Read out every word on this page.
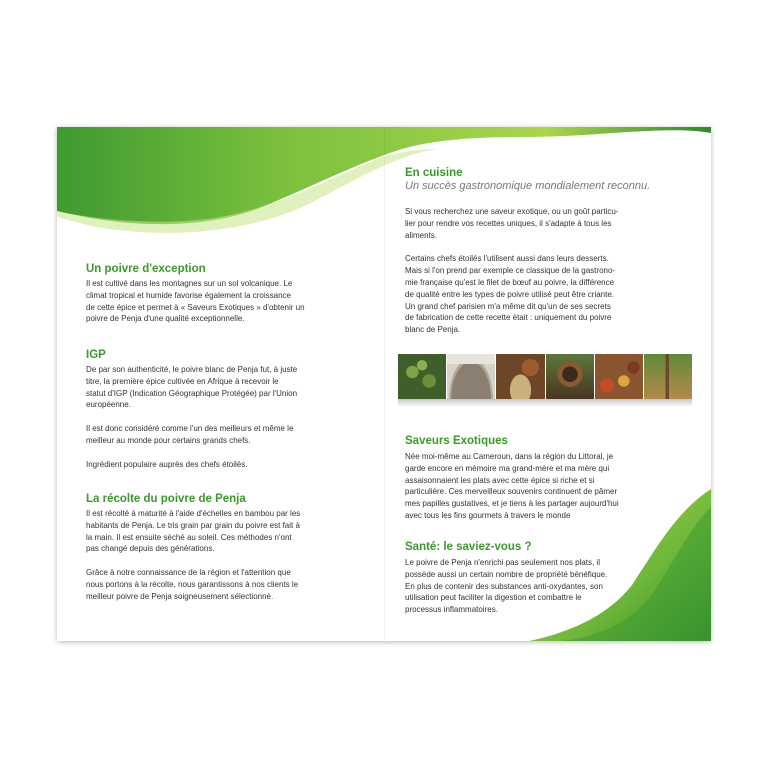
Un poivre d'exception

Il est cultivé dans les montagnes sur un sol volcanique. Le
climat tropical et humide favorise également la croissance
de cette épice et permet à « Saveurs Exotiques » d'obtenir un
poivre de Penja d'une qualité exceptionnelle.

IGP

De par son authenticité, le poivre blanc de Penja fut, à juste
titre, la première épice cultivée en Afrique à recevoir le
statut d'IGP (Indication Géographique Protégée) par l'Union
européenne.

Il est donc considéré comme l'un des meilleurs et même le
meilleur au monde pour certains grands chefs.

Ingrédient populaire auprès des chefs étoilés.

La récolte du poivre de Penja

Il est récolté à maturité à l'aide d'échelles en bambou par les
habitants de Penja. Le tris grain par grain du poivre est fait à
la main. Il est ensuite séché au soleil. Ces méthodes n'ont
pas changé depuis des générations.

Grâce à notre connaissance de la région et l'attention que
nous portons à la récolte, nous garantissons à nos clients le
meilleur poivre de Penja soigneusement sélectionné.

En cuisine
Un succès gastronomique mondialement reconnu.

Si vous recherchez une saveur exotique, ou un goût particu-
lier pour rendre vos recettes uniques, il s'adapte à tous les
aliments.

Certains chefs étoilés l'utilisent aussi dans leurs desserts.
Mais si l'on prend par exemple ce classique de la gastrono-
mie française qu'est le filet de bœuf au poivre, la différence
de qualité entre les types de poivre utilisé peut être criante.
Un grand chef parisien m'a même dit qu'un de ses secrets
de fabrication de cette recette était : uniquement du poivre
blanc de Penja.

Saveurs Exotiques

Née moi-même au Cameroun, dans la région du Littoral, je
garde encore en mémoire ma grand-mère et ma mère qui
assaisonnaient les plats avec cette épice si riche et si
particulière. Ces merveilleux souvenirs continuent de pâmer
mes papilles gustatives, et je tiens à les partager aujourd'hui
avec tous les fins gourmets à travers le monde

Santé: le saviez-vous ?

Le poivre de Penja n'enrichi pas seulement nos plats, il
possède aussi un certain nombre de propriété bénéfique.
En plus de contenir des substances anti-oxydantes, son
utilisation peut faciliter la digestion et combattre le
processus inflammatoires.
